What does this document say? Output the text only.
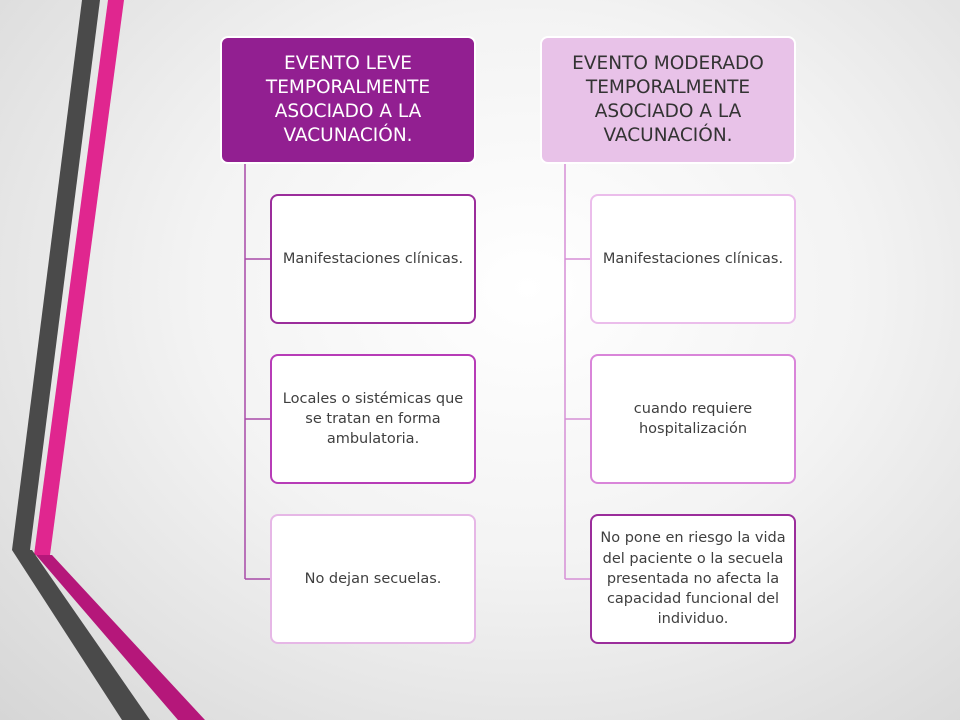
EVENTO LEVE TEMPORALMENTE ASOCIADO A LA VACUNACIÓN.
Manifestaciones clínicas.
Locales o sistémicas que se tratan en forma ambulatoria.
No dejan secuelas.
EVENTO MODERADO TEMPORALMENTE ASOCIADO A LA VACUNACIÓN.
Manifestaciones clínicas.
cuando requiere hospitalización
No pone en riesgo la vida del paciente o la secuela presentada no afecta la capacidad funcional del individuo.
